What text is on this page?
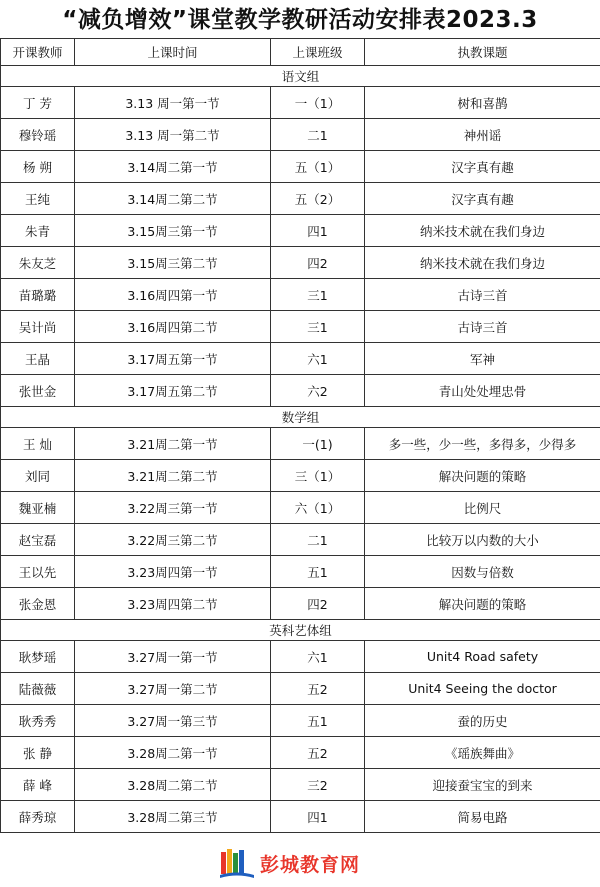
“减负增效”课堂教学教研活动安排表2023.3
开课教师	上课时间	上课班级	执教课题
语文组			
丁 芳	3.13 周一第一节	一（1）	树和喜鹊
穆铃瑶	3.13 周一第二节	二1	神州谣
杨 朔	3.14周二第一节	五（1）	汉字真有趣
王纯	3.14周二第二节	五（2）	汉字真有趣
朱青	3.15周三第一节	四1	纳米技术就在我们身边
朱友芝	3.15周三第二节	四2	纳米技术就在我们身边
苗璐璐	3.16周四第一节	三1	古诗三首
吴计尚	3.16周四第二节	三1	古诗三首
王晶	3.17周五第一节	六1	军神
张世金	3.17周五第二节	六2	青山处处埋忠骨
数学组			
王 灿	3.21周二第一节	一(1)	多一些，少一些，多得多，少得多
刘同	3.21周二第二节	三（1）	解决问题的策略
魏亚楠	3.22周三第一节	六（1）	比例尺
赵宝磊	3.22周三第二节	二1	比较万以内数的大小
王以先	3.23周四第一节	五1	因数与倍数
张金恩	3.23周四第二节	四2	解决问题的策略
英科艺体组			
耿梦瑶	3.27周一第一节	六1	Unit4 Road safety
陆薇薇	3.27周一第二节	五2	Unit4 Seeing the doctor
耿秀秀	3.27周一第三节	五1	蚕的历史
张 静	3.28周二第一节	五2	《瑶族舞曲》
薛 峰	3.28周二第二节	三2	迎接蚕宝宝的到来
薛秀琼	3.28周二第三节	四1	简易电路
彭城教育网
